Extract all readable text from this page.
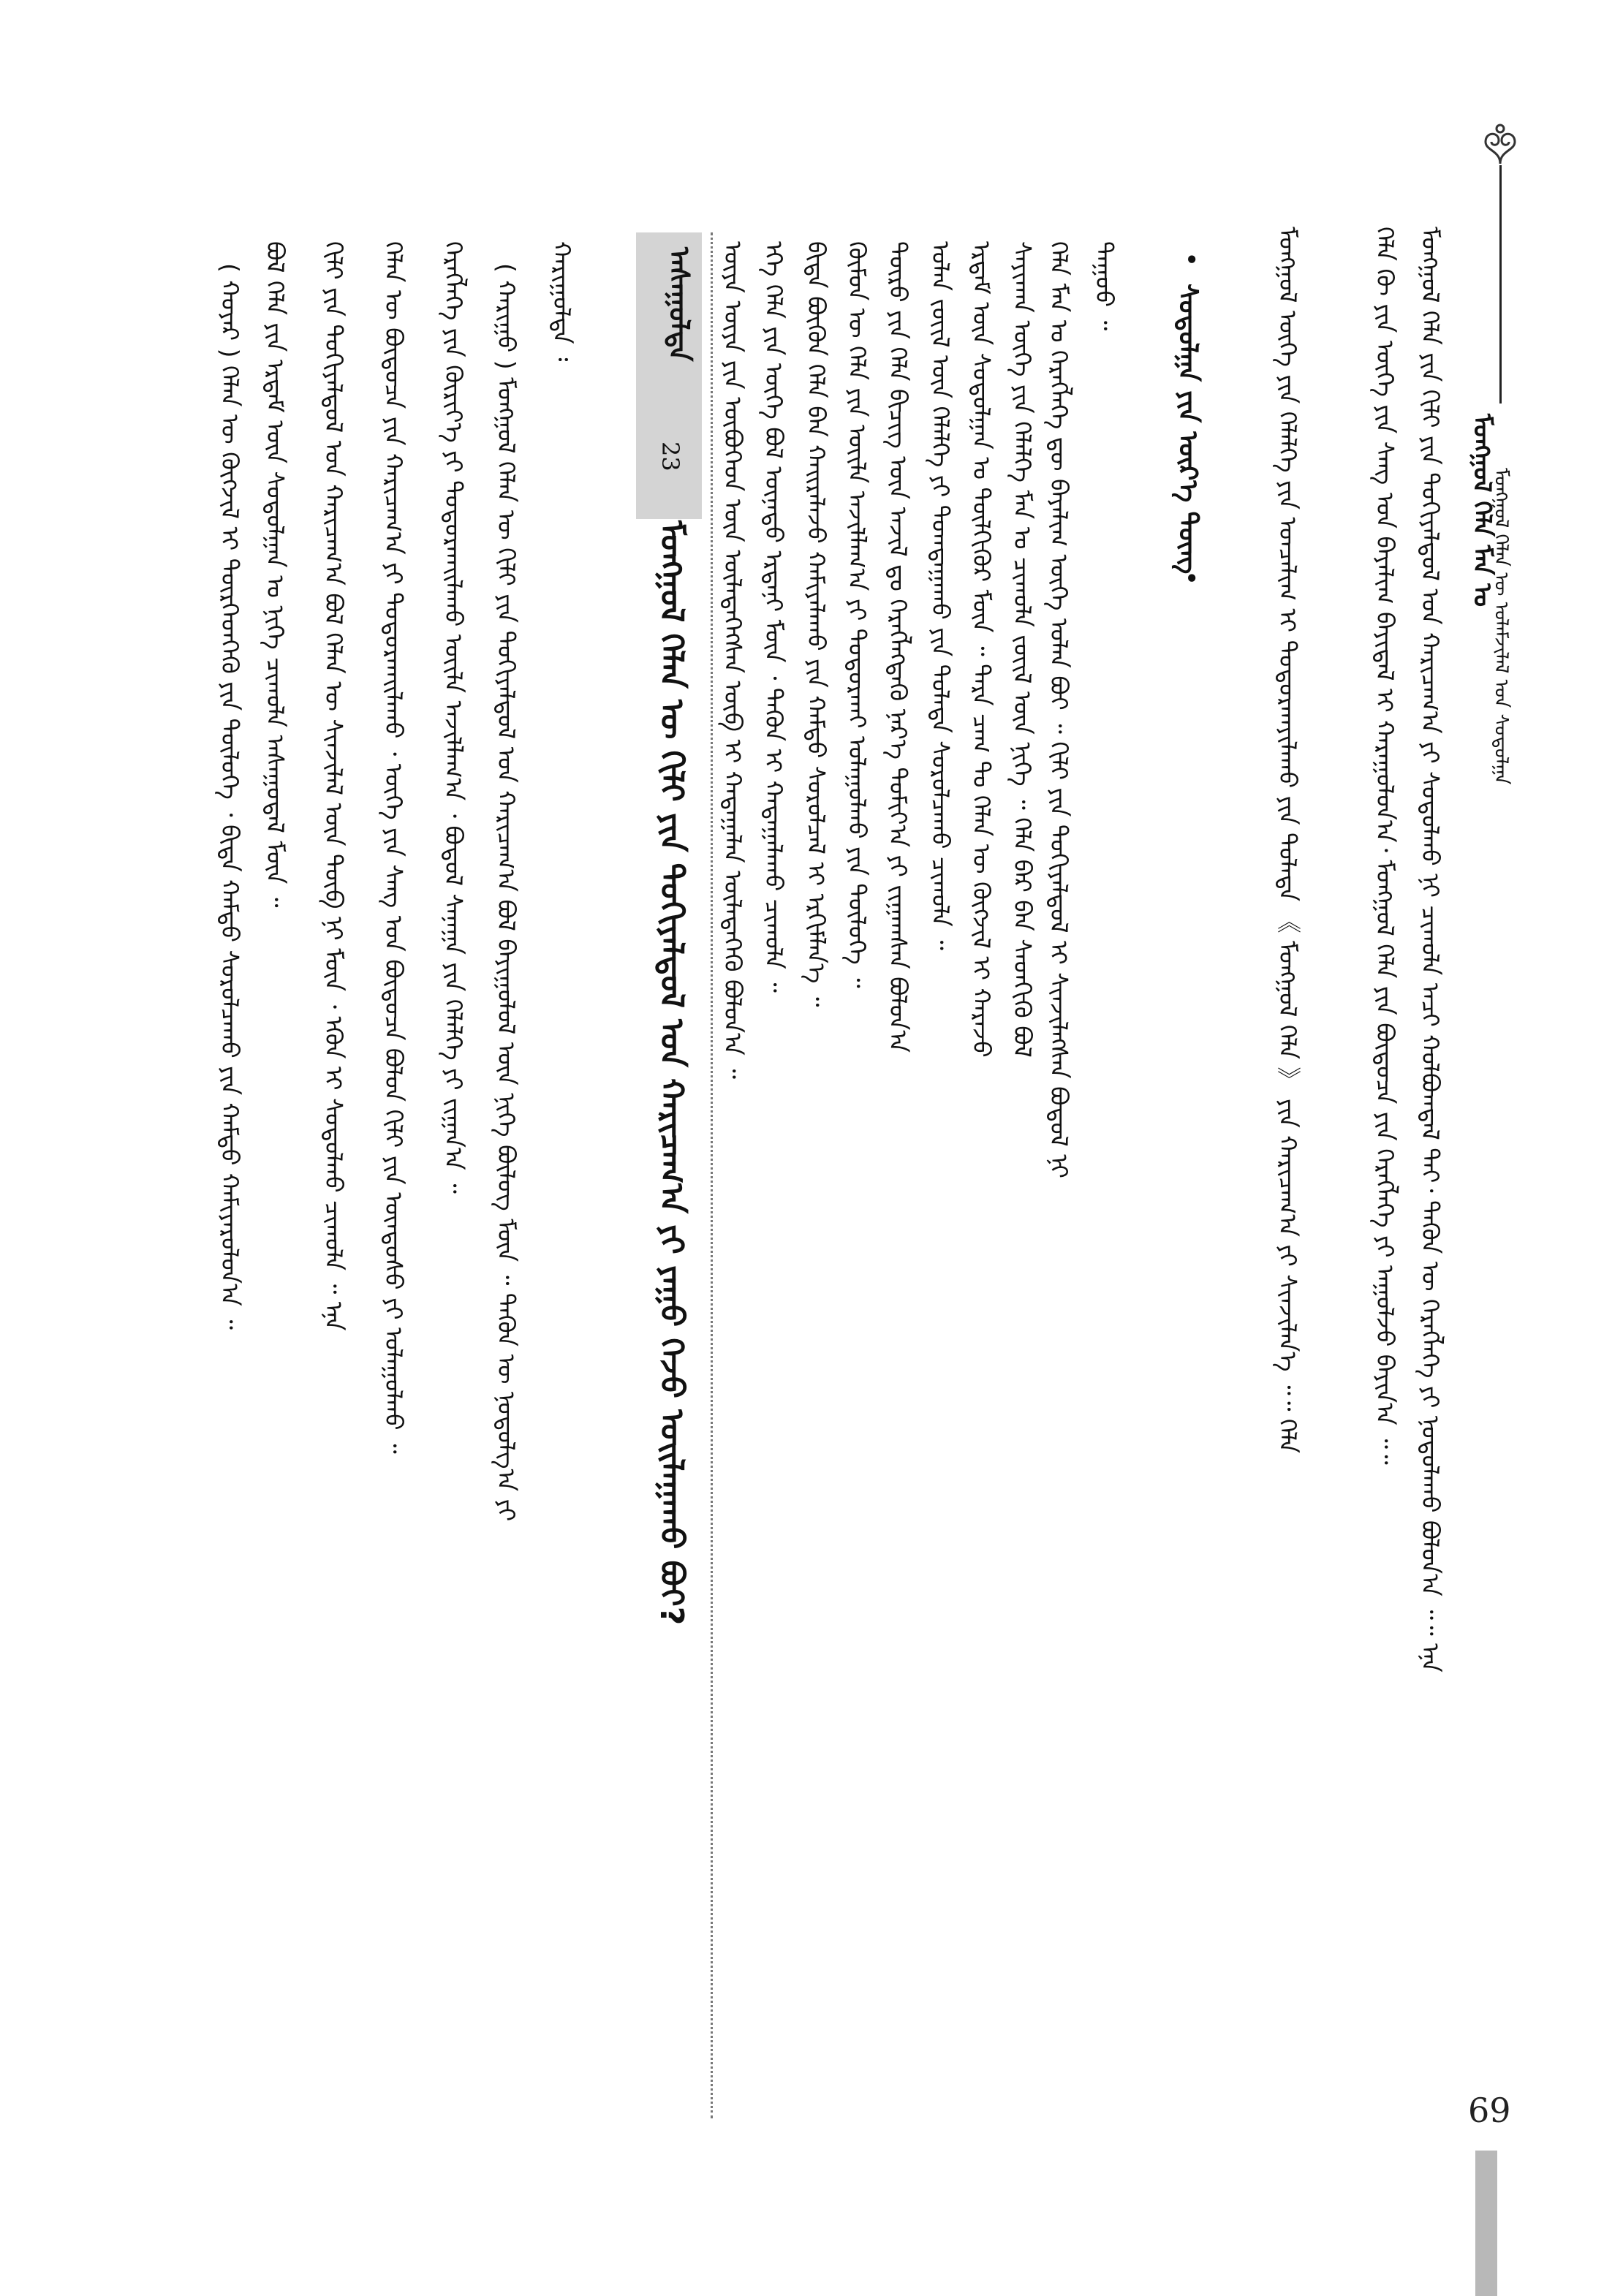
ᠮᠣᠩᠭᠣᠯ ᠬᠡᠯᠡᠨ ᠦ ᠤᠯᠠᠮᠵᠢᠯᠠᠯ ᠤᠨ ᠰᠤᠳᠤᠯᠭᠠ
ᠮᠣᠩᠭᠣᠯ ᠬᠡᠯᠡ ᠮᠠᠨ ᠤ
ᠮᠣᠩᠭᠣᠯ ᠬᠡᠯᠡ ᠶᠢᠨ ᠬᠢᠯᠢ ᠶᠢᠨ ᠲᠣᠬᠢᠶᠠᠯᠳᠤᠯ ᠤᠨ ᠬᠠᠷᠢᠴᠠᠭ᠎ᠠ ᠶᠢ ᠰᠤᠳᠤᠯᠬᠤ ᠨᠢ ᠴᠢᠬᠤᠯᠠ ᠠᠴᠢ ᠬᠣᠯᠪᠣᠭᠳᠠᠯ ᠲᠠᠢ᠂ ᠲᠡᠭᠦᠨ ᠦ ᠬᠡᠷᠡᠭᠯᠡᠭᠡ ᠶᠢ ᠨᠣᠳᠤᠯᠠᠬᠤ ᠪᠣᠯᠤᠨ᠎ᠠ ᠃᠃ ᠡᠨᠡ
ᠬᠡᠯᠡ ᠬᠦ ᠶᠢᠨ ᠦᠭᠡ ᠶᠢᠨ ᠰᠠᠩ ᠤᠨ ᠪᠠᠶᠠᠯᠢᠭ ᠪᠠᠶᠢᠳᠠᠯ ᠢ ᠬᠠᠷᠠᠭᠤᠯᠤᠨ᠎ᠠ᠂ ᠮᠣᠩᠭᠣᠯ ᠬᠡᠯᠡ ᠶᠢᠨ ᠪᠦᠲᠦᠴᠡ ᠶᠢᠨ ᠬᠡᠷᠡᠭᠯᠡᠭᠡ ᠶᠢ ᠠᠭᠤᠯᠵᠤ ᠪᠠᠶᠢᠨ᠎ᠠ ᠃᠃
ᠮᠣᠩᠭᠣᠯ ᠦᠭᠡ ᠶᠢᠨ ᠬᠡᠯᠡᠯᠭᠡ ᠶᠢᠨ ᠣᠨᠴᠠᠯᠢᠭ ᠢ ᠲᠣᠳᠣᠷᠬᠠᠶᠢᠯᠠᠬᠤ ᠶᠢᠨ ᠲᠤᠯᠠᠳᠠ 《 ᠮᠣᠩᠭᠣᠯ ᠬᠡᠯᠡ 》 ᠶᠢᠨ ᠬᠠᠷᠢᠴᠠᠭ᠎ᠠ ᠶᠢ ᠰᠢᠨᠵᠢᠯᠡᠨ᠎ᠡ ᠃᠃ ᠬᠡᠯᠡ
•
ᠰᠤᠳᠤᠯᠭᠠ ᠶᠢᠨ ᠦᠷ᠎ᠡ ᠳᠦᠩ
•
ᠳᠠᠭᠤᠤ ᠃
ᠬᠡᠯᠡ ᠮᠠᠨ ᠤ ᠬᠡᠷᠡᠭᠯᠡᠭᠡ ᠳᠦ ᠪᠠᠶᠠᠯᠢᠭ ᠦᠭᠡ ᠣᠯᠠᠨ ᠪᠣᠢ ᠃ ᠬᠢᠯᠢ ᠶᠢᠨ ᠲᠣᠬᠢᠶᠠᠯᠳᠤᠯ ᠢ ᠰᠢᠨᠵᠢᠯᠡᠭᠰᠡᠨ ᠪᠣᠳᠤᠯ ᠨᠢ
ᠰᠠᠶᠢᠬᠠᠨ ᠦᠭᠡ ᠶᠢᠨ ᠬᠡᠯᠡᠯᠭᠡ ᠮᠠᠨ ᠤ ᠴᠢᠬᠤᠯᠠ ᠵᠦᠢᠯ ᠦᠨ ᠨᠢᠭᠡ ᠃ ᠬᠡᠯᠡ ᠪᠡᠷ ᠪᠠᠨ ᠰᠡᠳᠬᠢᠬᠦ ᠪᠣᠯ
ᠡᠷᠳᠡᠮ ᠦᠨ ᠰᠤᠳᠤᠯᠭᠠᠨ ᠤ ᠲᠦᠯᠬᠢᠭᠦᠷ ᠮᠥᠨ ᠃ ᠲᠡᠷᠡ ᠴᠠᠭ ᠲᠤ ᠬᠡᠯᠡᠨ ᠦ ᠬᠥᠭᠵᠢᠯ ᠢ ᠬᠠᠷᠠᠵᠤ
ᠣᠯᠠᠨ ᠵᠦᠢᠯ ᠦᠨ ᠬᠡᠯᠡᠯᠭᠡ ᠶᠢ ᠲᠣᠭᠲᠠᠭᠠᠬᠤ ᠶᠢᠨ ᠲᠤᠯᠠᠳᠠ ᠰᠤᠷᠤᠯᠴᠠᠬᠤ ᠴᠢᠬᠤᠯᠠ ᠃
ᠲᠥᠷᠥ ᠶᠢᠨ ᠬᠡᠯᠡ ᠪᠢᠴᠢᠭ ᠦᠨ ᠠᠵᠢᠯ ᠳᠤ ᠬᠡᠷᠡᠭᠯᠡᠭᠳᠡᠬᠦ ᠨᠡᠷ᠎ᠡ ᠲᠣᠮᠢᠶ᠎ᠠ ᠶᠢ ᠵᠢᠭᠠᠭᠰᠠᠨ ᠪᠣᠯᠤᠨ᠎ᠠ
ᠬᠦᠮᠦᠨ ᠦ ᠬᠡᠯᠡ ᠶᠢᠨ ᠦᠢᠯᠡ ᠠᠵᠢᠯᠯᠠᠭ᠎ᠠ ᠶᠢ ᠲᠣᠳᠣᠷᠬᠠᠢ ᠣᠯᠠᠭᠤᠯᠬᠤ ᠶᠢᠨ ᠲᠥᠯᠦᠭᠡ ᠃
ᠪᠢᠳᠡ ᠪᠦᠬᠦᠨ ᠬᠡᠯᠡ ᠪᠡᠨ ᠬᠠᠢᠷᠠᠯᠠᠵᠤ ᠬᠠᠮᠢᠶᠠᠯᠠᠬᠤ ᠶᠢᠨ ᠬᠠᠮᠲᠤ ᠰᠤᠷᠤᠯᠴᠠᠯ ᠢ ᠡᠷᠬᠢᠮᠯᠡᠨ᠎ᠡ ᠃
ᠡᠬᠡ ᠬᠡᠯᠡ ᠶᠢᠨ ᠦᠭᠡ ᠪᠣᠯ ᠦᠨᠡᠲᠦ ᠡᠷᠳᠡᠨᠢ ᠮᠥᠨ ᠂ ᠲᠡᠭᠦᠨ ᠢ ᠬᠠᠳᠠᠭᠠᠯᠠᠬᠤ ᠴᠢᠬᠤᠯᠠ ᠃
ᠦᠶᠡ ᠦᠶᠡ ᠶᠢᠨ ᠥᠪᠦᠭᠡᠳ ᠦᠨ ᠦᠯᠡᠳᠡᠭᠡᠭᠰᠡᠨ ᠥᠪ ᠢ ᠬᠠᠳᠠᠭᠠᠯᠠᠨ ᠦᠯᠡᠳᠡᠭᠡᠬᠦ ᠪᠣᠯᠤᠨ᠎ᠠ ᠃
ᠠᠰᠠᠭᠤᠯᠲᠠ
23
ᠮᠣᠩᠭᠣᠯ ᠬᠡᠯᠡᠨ ᠦ ᠬᠢᠯᠢ ᠶᠢᠨ ᠲᠣᠬᠢᠶᠠᠯᠳᠤᠯ ᠤᠨ ᠬᠠᠷᠢᠴᠠᠭ᠎ᠠ ᠶᠢ ᠶᠠᠭᠤ ᠭᠡᠵᠦ ᠣᠢᠯᠠᠭᠠᠬᠤ ᠪᠤᠢ?
ᠬᠠᠷᠢᠭᠤᠯᠲᠠ ᠄
( ᠬᠠᠷᠢᠭᠤ ) ᠮᠣᠩᠭᠣᠯ ᠬᠡᠯᠡᠨ ᠦ ᠬᠢᠯᠢ ᠶᠢᠨ ᠲᠣᠬᠢᠶᠠᠯᠳᠤᠯ ᠤᠨ ᠬᠠᠷᠢᠴᠠᠭ᠎ᠠ ᠪᠣᠯ ᠪᠠᠶᠢᠭᠤᠯᠤᠯ ᠦᠨ ᠨᠢᠭᠡ ᠪᠦᠯᠦᠭ ᠮᠥᠨ ᠃ ᠲᠡᠭᠦᠨ ᠦ ᠨᠣᠳᠤᠯᠭ᠎ᠠ ᠶᠢ
ᠬᠡᠷᠡᠭᠯᠡᠭᠡ ᠶᠢᠨ ᠬᠦᠷᠢᠶ᠎ᠡ ᠶᠢ ᠲᠣᠳᠣᠷᠬᠠᠢᠯᠠᠬᠤ ᠦᠢᠯᠡ ᠠᠵᠢᠯᠯᠠᠭ᠎ᠠ ᠂ ᠪᠣᠳᠤᠯ ᠰᠠᠨᠠᠭᠠ ᠶᠢᠨ ᠬᠡᠯᠡᠯᠭᠡ ᠶᠢ ᠵᠢᠭᠠᠨ᠎ᠠ ᠃
ᠬᠡᠯᠡᠨ ᠦ ᠪᠦᠲᠦᠴᠡ ᠶᠢᠨ ᠬᠠᠷᠢᠴᠠᠭ᠎ᠠ ᠶᠢ ᠲᠣᠳᠣᠷᠬᠠᠢᠯᠠᠬᠤ ᠂ ᠦᠭᠡ ᠶᠢᠨ ᠰᠠᠩ ᠤᠨ ᠪᠦᠲᠦᠴᠡ ᠪᠣᠯᠤᠨ ᠬᠢᠯᠢ ᠶᠢᠨ ᠦᠨᠳᠦᠰᠦ ᠶᠢ ᠣᠯᠠᠭᠤᠯᠬᠤ ᠃
ᠬᠢᠯᠢ ᠶᠢᠨ ᠲᠣᠬᠢᠶᠠᠯᠳᠤᠯ ᠤᠨ ᠬᠠᠷᠢᠴᠠᠭ᠎ᠠ ᠪᠣᠯ ᠬᠡᠯᠡᠨ ᠦ ᠰᠢᠨᠵᠢᠯᠡᠯ ᠦᠨ ᠲᠥᠪ ᠨᠢ ᠮᠥᠨ ᠂ ᠡᠭᠦᠨ ᠢ ᠰᠤᠳᠤᠯᠬᠤ ᠴᠢᠬᠤᠯᠠ ᠃ ᠡᠨᠡ
ᠪᠣᠯ ᠬᠡᠯᠡ ᠶᠢᠨ ᠡᠷᠳᠡᠮ ᠦᠨ ᠰᠤᠳᠤᠯᠭᠠᠨ ᠤ ᠨᠢᠭᠡ ᠴᠢᠬᠤᠯᠠ ᠠᠰᠠᠭᠤᠳᠠᠯ ᠮᠥᠨ ᠃
( ᠬᠣᠶᠠᠷ ) ᠬᠡᠯᠡᠨ ᠦ ᠬᠥᠭᠵᠢᠯ ᠢ ᠲᠦᠷᠭᠡᠳᠬᠡᠬᠦ ᠶᠢᠨ ᠲᠥᠯᠦᠭᠡ ᠂ ᠪᠢᠳᠡ ᠬᠠᠮᠲᠤ ᠰᠤᠷᠤᠯᠴᠠᠬᠤ ᠶᠢᠨ ᠬᠠᠮᠲᠤ ᠬᠠᠮᠢᠶᠠᠷᠤᠯᠤᠨ᠎ᠠ ᠃
69
